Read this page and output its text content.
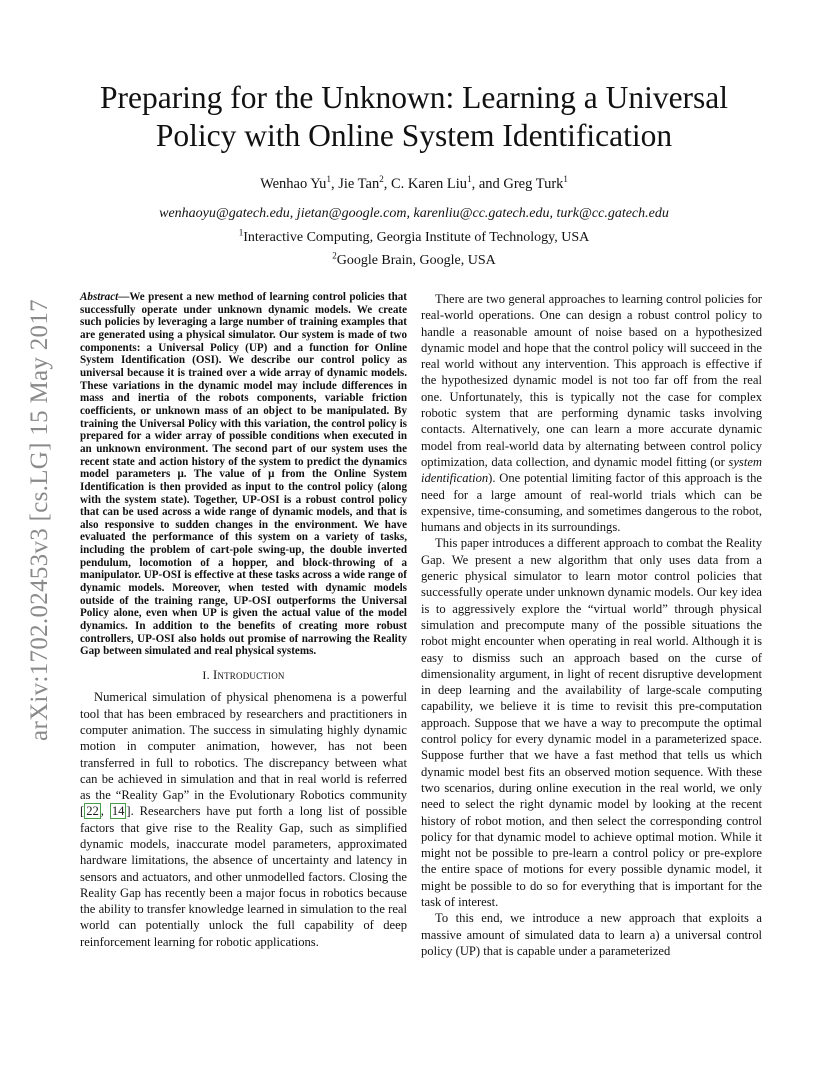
arXiv:1702.02453v3 [cs.LG] 15 May 2017
Preparing for the Unknown: Learning a Universal
Policy with Online System Identification
Wenhao Yu$^1$, Jie Tan$^2$, C. Karen Liu$^1$, and Greg Turk$^1$
wenhaoyu@gatech.edu, jietan@google.com, karenliu@cc.gatech.edu, turk@cc.gatech.edu
$^1$Interactive Computing, Georgia Institute of Technology, USA
$^2$Google Brain, Google, USA

Abstract—We present a new method of learning control policies that successfully operate under unknown dynamic models. We create such policies by leveraging a large number of training examples that are generated using a physical simulator. Our system is made of two components: a Universal Policy (UP) and a function for Online System Identification (OSI). We describe our control policy as universal because it is trained over a wide array of dynamic models. These variations in the dynamic model may include differences in mass and inertia of the robots components, variable friction coefficients, or unknown mass of an object to be manipulated. By training the Universal Policy with this variation, the control policy is prepared for a wider array of possible conditions when executed in an unknown environment. The second part of our system uses the recent state and action history of the system to predict the dynamics model parameters μ. The value of μ from the Online System Identification is then provided as input to the control policy (along with the system state). Together, UP-OSI is a robust control policy that can be used across a wide range of dynamic models, and that is also responsive to sudden changes in the environment. We have evaluated the performance of this system on a variety of tasks, including the problem of cart-pole swing-up, the double inverted pendulum, locomotion of a hopper, and block-throwing of a manipulator. UP-OSI is effective at these tasks across a wide range of dynamic models. Moreover, when tested with dynamic models outside of the training range, UP-OSI outperforms the Universal Policy alone, even when UP is given the actual value of the model dynamics. In addition to the benefits of creating more robust controllers, UP-OSI also holds out promise of narrowing the Reality Gap between simulated and real physical systems.

I. Introduction

Numerical simulation of physical phenomena is a powerful tool that has been embraced by researchers and practitioners in computer animation. The success in simulating highly dynamic motion in computer animation, however, has not been transferred in full to robotics. The discrepancy between what can be achieved in simulation and that in real world is referred as the “Reality Gap” in the Evolutionary Robotics community [ 22 , 14 ]. Researchers have put forth a long list of possible factors that give rise to the Reality Gap, such as simplified dynamic models, inaccurate model parameters, approximated hardware limitations, the absence of uncertainty and latency in sensors and actuators, and other unmodelled factors. Closing the Reality Gap has recently been a major focus in robotics because the ability to transfer knowledge learned in simulation to the real world can potentially unlock the full capability of deep reinforcement learning for robotic applications.

There are two general approaches to learning control policies for real-world operations. One can design a robust control policy to handle a reasonable amount of noise based on a hypothesized dynamic model and hope that the control policy will succeed in the real world without any intervention. This approach is effective if the hypothesized dynamic model is not too far off from the real one. Unfortunately, this is typically not the case for complex robotic system that are performing dynamic tasks involving contacts. Alternatively, one can learn a more accurate dynamic model from real-world data by alternating between control policy optimization, data collection, and dynamic model fitting (or system identification). One potential limiting factor of this approach is the need for a large amount of real-world trials which can be expensive, time-consuming, and sometimes dangerous to the robot, humans and objects in its surroundings.

This paper introduces a different approach to combat the Reality Gap. We present a new algorithm that only uses data from a generic physical simulator to learn motor control policies that successfully operate under unknown dynamic models. Our key idea is to aggressively explore the “virtual world” through physical simulation and precompute many of the possible situations the robot might encounter when operating in real world. Although it is easy to dismiss such an approach based on the curse of dimensionality argument, in light of recent disruptive development in deep learning and the availability of large-scale computing capability, we believe it is time to revisit this pre-computation approach. Suppose that we have a way to precompute the optimal control policy for every dynamic model in a parameterized space. Suppose further that we have a fast method that tells us which dynamic model best fits an observed motion sequence. With these two scenarios, during online execution in the real world, we only need to select the right dynamic model by looking at the recent history of robot motion, and then select the corresponding control policy for that dynamic model to achieve optimal motion. While it might not be possible to pre-learn a control policy or pre-explore the entire space of motions for every possible dynamic model, it might be possible to do so for everything that is important for the task of interest.

To this end, we introduce a new approach that exploits a massive amount of simulated data to learn a) a universal control policy (UP) that is capable under a parameterized
